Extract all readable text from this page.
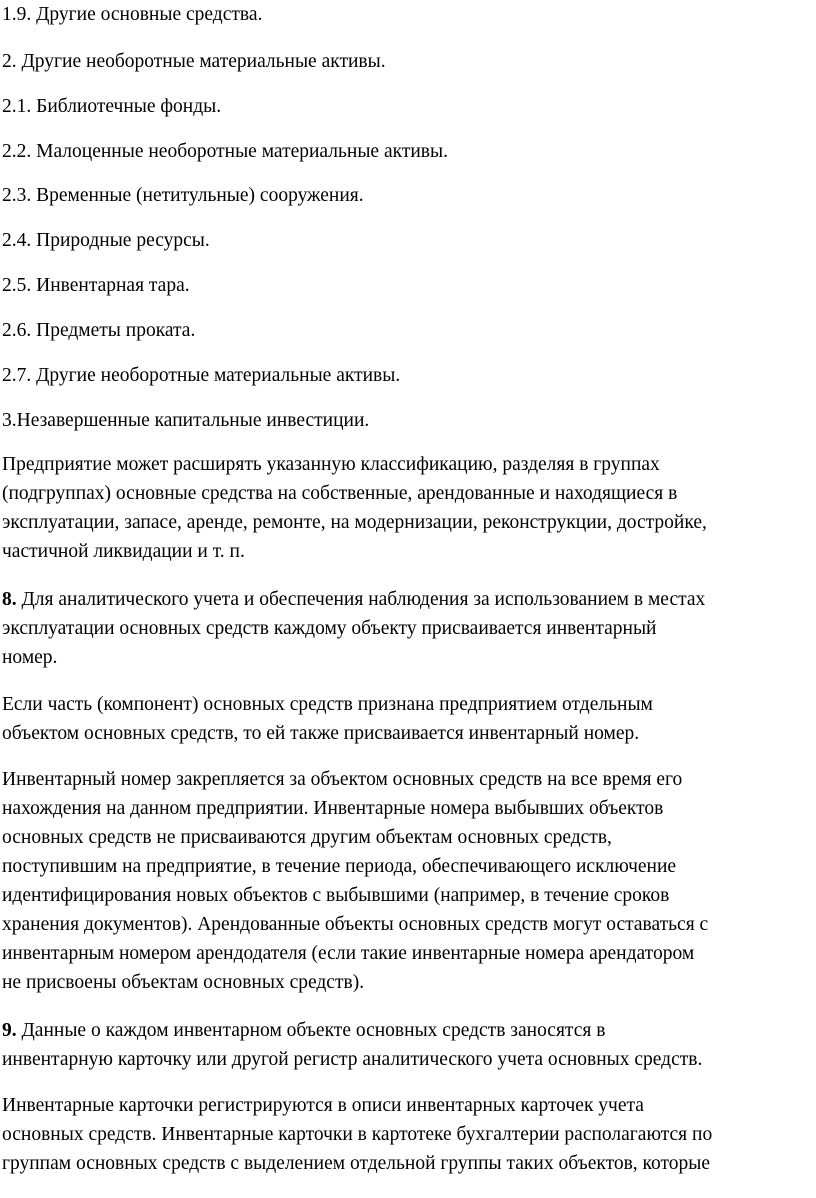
1.9. Другие основные средства.
2. Другие необоротные материальные активы.
2.1. Библиотечные фонды.
2.2. Малоценные необоротные материальные активы.
2.3. Временные (нетитульные) сооружения.
2.4. Природные ресурсы.
2.5. Инвентарная тара.
2.6. Предметы проката.
2.7. Другие необоротные материальные активы.
3.Незавершенные капитальные инвестиции.

Предприятие может расширять указанную классификацию, разделяя в группах

(подгруппах) основные средства на собственные, арендованные и находящиеся в

эксплуатации, запасе, аренде, ремонте, на модернизации, реконструкции, достройке,

частичной ликвидации и т. п.

8. Для аналитического учета и обеспечения наблюдения за использованием в местах

эксплуатации основных средств каждому объекту присваивается инвентарный

номер.

Если часть (компонент) основных средств признана предприятием отдельным

объектом основных средств, то ей также присваивается инвентарный номер.

Инвентарный номер закрепляется за объектом основных средств на все время его

нахождения на данном предприятии. Инвентарные номера выбывших объектов

основных средств не присваиваются другим объектам основных средств,

поступившим на предприятие, в течение периода, обеспечивающего исключение

идентифицирования новых объектов с выбывшими (например, в течение сроков

хранения документов). Арендованные объекты основных средств могут оставаться с

инвентарным номером арендодателя (если такие инвентарные номера арендатором

не присвоены объектам основных средств).

9. Данные о каждом инвентарном объекте основных средств заносятся в

инвентарную карточку или другой регистр аналитического учета основных средств.

Инвентарные карточки регистрируются в описи инвентарных карточек учета

основных средств. Инвентарные карточки в картотеке бухгалтерии располагаются по

группам основных средств с выделением отдельной группы таких объектов, которые
